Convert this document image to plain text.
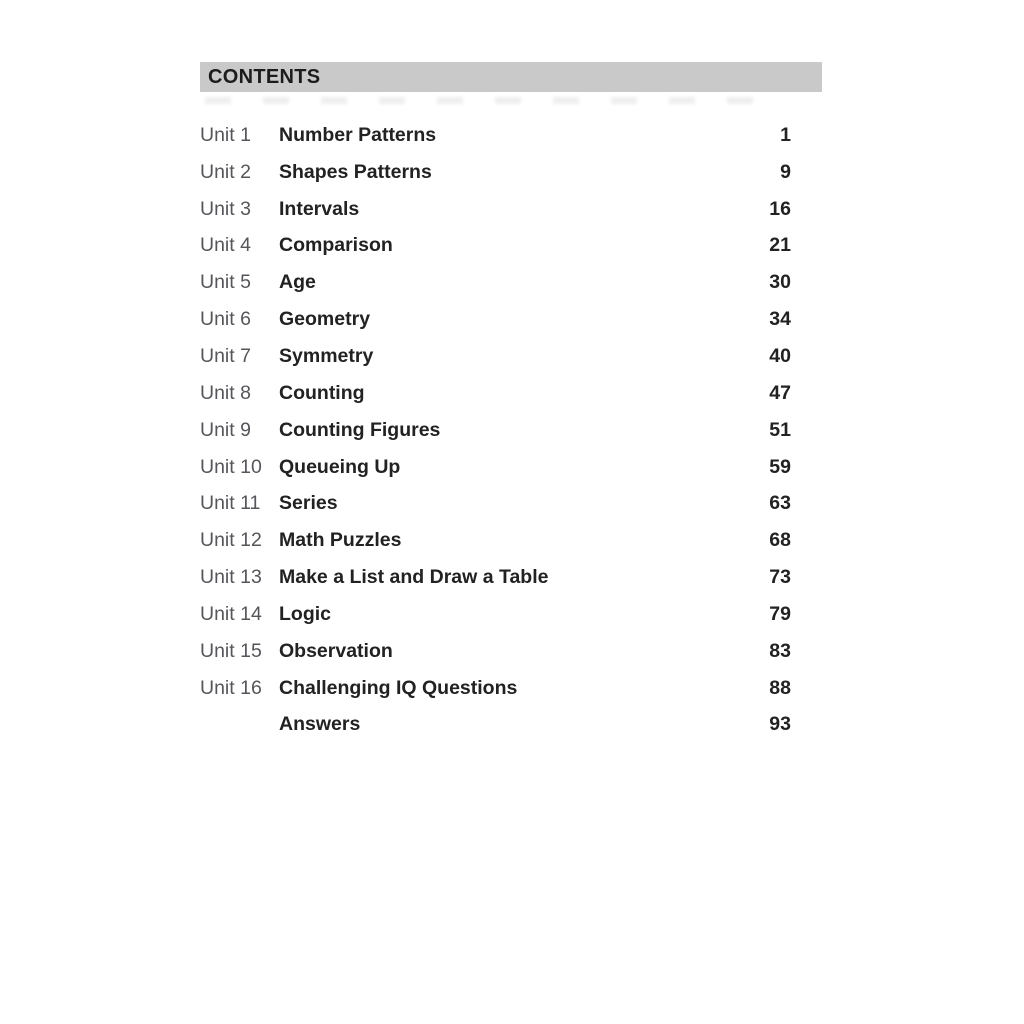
CONTENTS
Unit 1	Number Patterns	1
Unit 2	Shapes Patterns	9
Unit 3	Intervals	16
Unit 4	Comparison	21
Unit 5	Age	30
Unit 6	Geometry	34
Unit 7	Symmetry	40
Unit 8	Counting	47
Unit 9	Counting Figures	51
Unit 10 Queueing Up	59
Unit 11 Series	63
Unit 12 Math Puzzles	68
Unit 13 Make a List and Draw a Table	73
Unit 14 Logic	79
Unit 15 Observation	83
Unit 16 Challenging IQ Questions	88
Answers	93
